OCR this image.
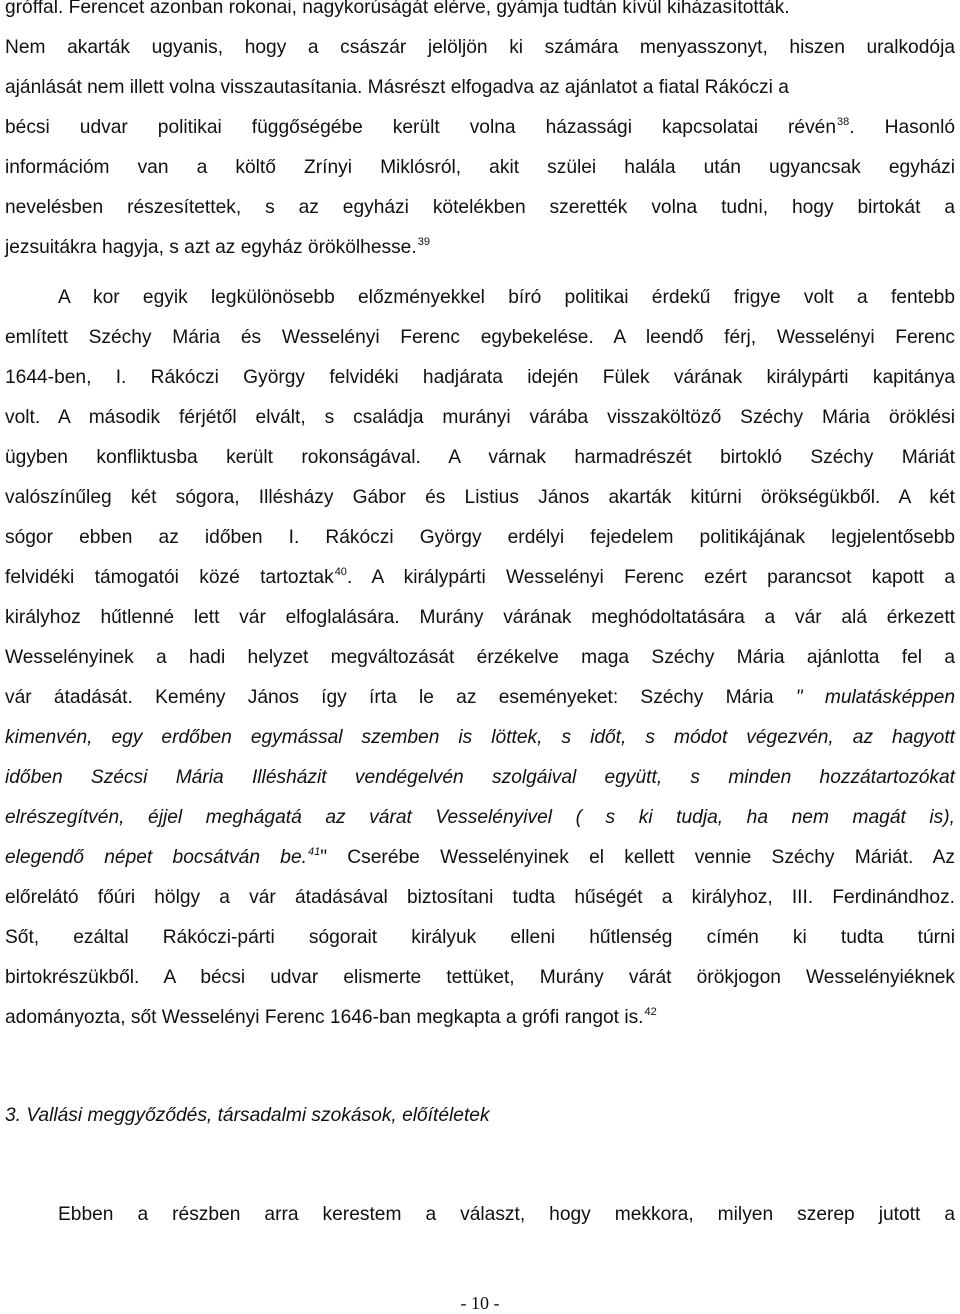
gróffal. Ferencet azonban rokonai, nagykorúságát elérve, gyámja tudtán kívül kiházasították.
Nem akarták ugyanis, hogy a császár jelöljön ki számára menyasszonyt, hiszen uralkodója
ajánlását nem illett volna visszautasítania. Másrészt elfogadva az ajánlatot a fiatal Rákóczi a
bécsi udvar politikai függőségébe került volna házassági kapcsolatai révén$^{38}$. Hasonló
információm van a költő Zrínyi Miklósról, akit szülei halála után ugyancsak egyházi
nevelésben részesítettek, s az egyházi kötelékben szerették volna tudni, hogy birtokát a
jezsuitákra hagyja, s azt az egyház örökölhesse.$^{39}$
A kor egyik legkülönösebb előzményekkel bíró politikai érdekű frigye volt a fentebb
említett Széchy Mária és Wesselényi Ferenc egybekelése. A leendő férj, Wesselényi Ferenc
1644-ben, I. Rákóczi György felvidéki hadjárata idején Fülek várának királypárti kapitánya
volt. A második férjétől elvált, s családja murányi várába visszaköltöző Széchy Mária öröklési
ügyben konfliktusba került rokonságával. A várnak harmadrészét birtokló Széchy Máriát
valószínűleg két sógora, Illésházy Gábor és Listius János akarták kitúrni örökségükből. A két
sógor ebben az időben I. Rákóczi György erdélyi fejedelem politikájának legjelentősebb
felvidéki támogatói közé tartoztak$^{40}$. A királypárti Wesselényi Ferenc ezért parancsot kapott a
királyhoz hűtlenné lett vár elfoglalására. Murány várának meghódoltatására a vár alá érkezett
Wesselényinek a hadi helyzet megváltozását érzékelve maga Széchy Mária ajánlotta fel a
vár átadását. Kemény János így írta le az eseményeket: Széchy Mária " mulatásképpen
kimenvén, egy erdőben egymással szemben is löttek, s időt, s módot végezvén, az hagyott
időben Szécsi Mária Illésházit vendégelvén szolgáival együtt, s minden hozzátartozókat
elrészegítvén, éjjel meghágatá az várat Vesselényivel ( s ki tudja, ha nem magát is),
elegendő népet bocsátván be.$^{41}$" Cserébe Wesselényinek el kellett vennie Széchy Máriát. Az
előrelátó főúri hölgy a vár átadásával biztosítani tudta hűségét a királyhoz, III. Ferdinándhoz.
Sőt, ezáltal Rákóczi-párti sógorait királyuk elleni hűtlenség címén ki tudta túrni
birtokrészükből. A bécsi udvar elismerte tettüket, Murány várát örökjogon Wesselényiéknek
adományozta, sőt Wesselényi Ferenc 1646-ban megkapta a grófi rangot is.$^{42}$
3. Vallási meggyőződés, társadalmi szokások, előítéletek
Ebben a részben arra kerestem a választ, hogy mekkora, milyen szerep jutott a
- 10 -
